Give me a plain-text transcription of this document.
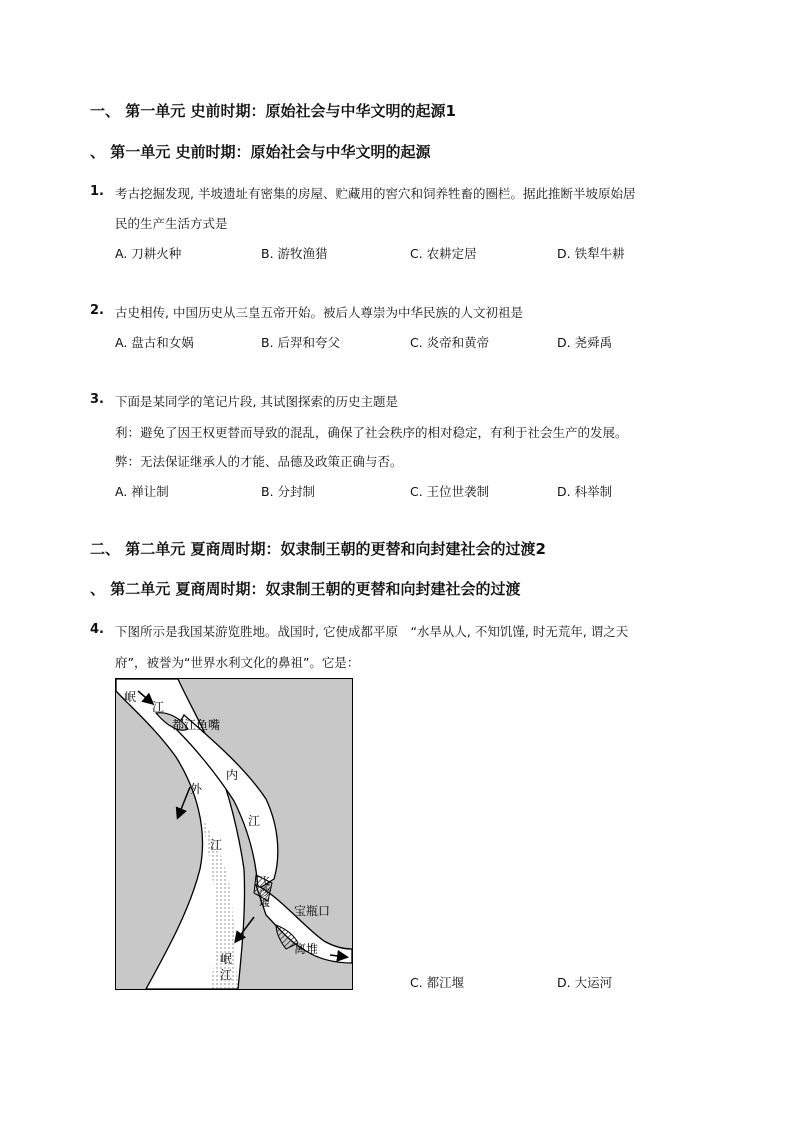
一、 第一单元 史前时期：原始社会与中华文明的起源1
、 第一单元 史前时期：原始社会与中华文明的起源
1. 考古挖掘发现, 半坡遗址有密集的房屋、贮藏用的窖穴和饲养牲畜的圈栏。据此推断半坡原始居
民的生产生活方式是
A. 刀耕火种	B. 游牧渔猎	C. 农耕定居	D. 铁犁牛耕
2. 古史相传, 中国历史从三皇五帝开始。被后人尊崇为中华民族的人文初祖是
A. 盘古和女娲	B. 后羿和夸父	C. 炎帝和黄帝	D. 尧舜禹
3. 下面是某同学的笔记片段, 其试图探索的历史主题是
利：避免了因王权更替而导致的混乱，确保了社会秩序的相对稳定，有利于社会生产的发展。
弊：无法保证继承人的才能、品德及政策正确与否。
A. 禅让制	B. 分封制	C. 王位世袭制	D. 科举制
二、 第二单元 夏商周时期：奴隶制王朝的更替和向封建社会的过渡2
、 第二单元 夏商周时期：奴隶制王朝的更替和向封建社会的过渡
4. 下图所示是我国某游览胜地。战国时, 它使成都平原　“水旱从人, 不知饥馑, 时无荒年, 谓之天
府”，被誉为“世界水利文化的鼻祖”。它是：
岷
江
都江鱼嘴
内
江
外
江
宝瓶口
离堆
岷
江
飞沙堰
C. 都江堰	D. 大运河
